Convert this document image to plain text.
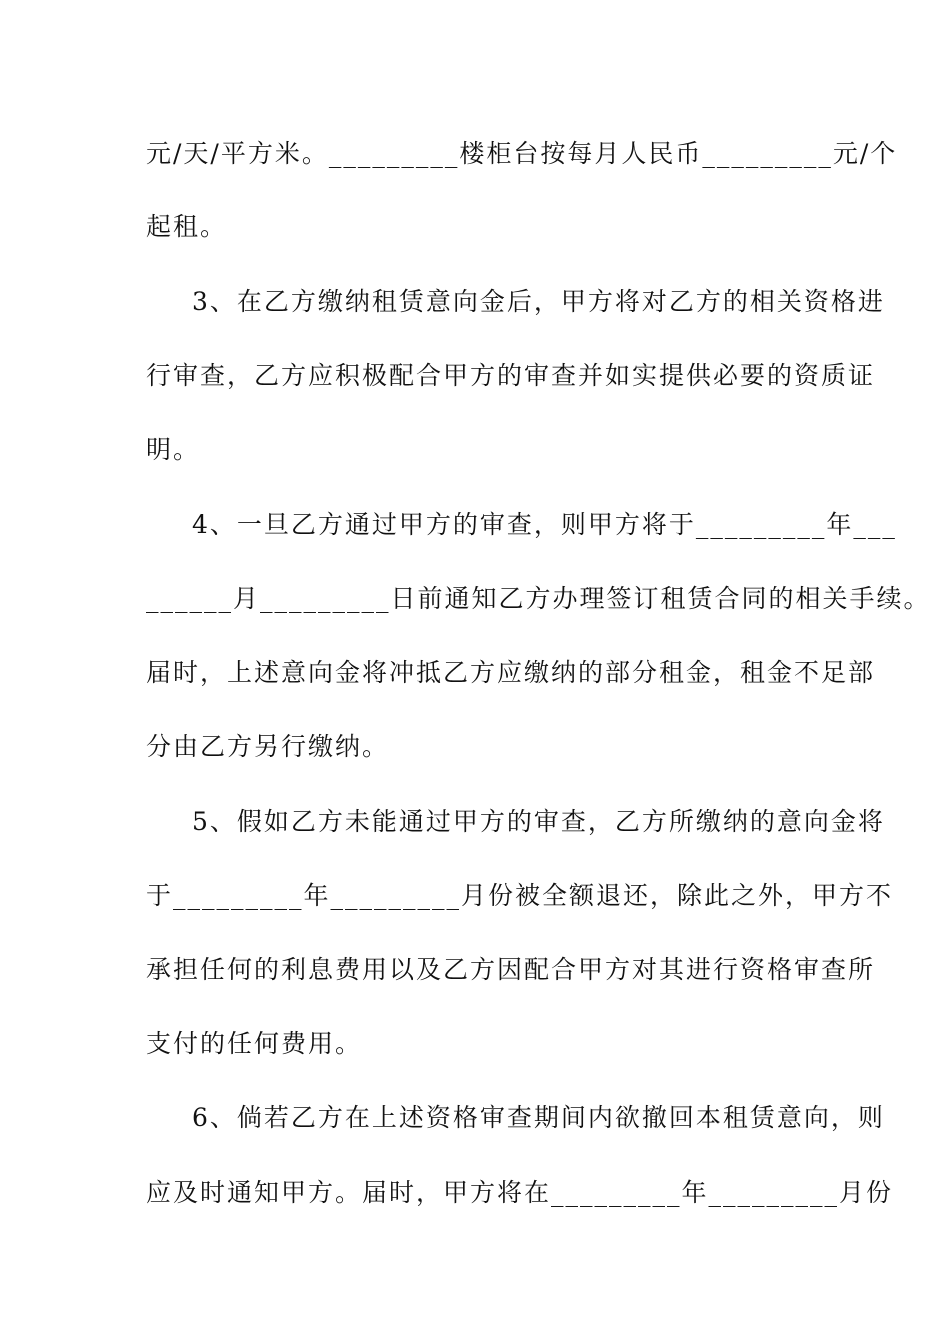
元/天/平方米。_________楼柜台按每月人民币_________元/个
起租。
3、在乙方缴纳租赁意向金后，甲方将对乙方的相关资格进
行审查，乙方应积极配合甲方的审查并如实提供必要的资质证
明。
4、一旦乙方通过甲方的审查，则甲方将于_________年___
______月_________日前通知乙方办理签订租赁合同的相关手续。
届时，上述意向金将冲抵乙方应缴纳的部分租金，租金不足部
分由乙方另行缴纳。
5、假如乙方未能通过甲方的审查，乙方所缴纳的意向金将
于_________年_________月份被全额退还，除此之外，甲方不
承担任何的利息费用以及乙方因配合甲方对其进行资格审查所
支付的任何费用。
6、倘若乙方在上述资格审查期间内欲撤回本租赁意向，则
应及时通知甲方。届时，甲方将在_________年_________月份
